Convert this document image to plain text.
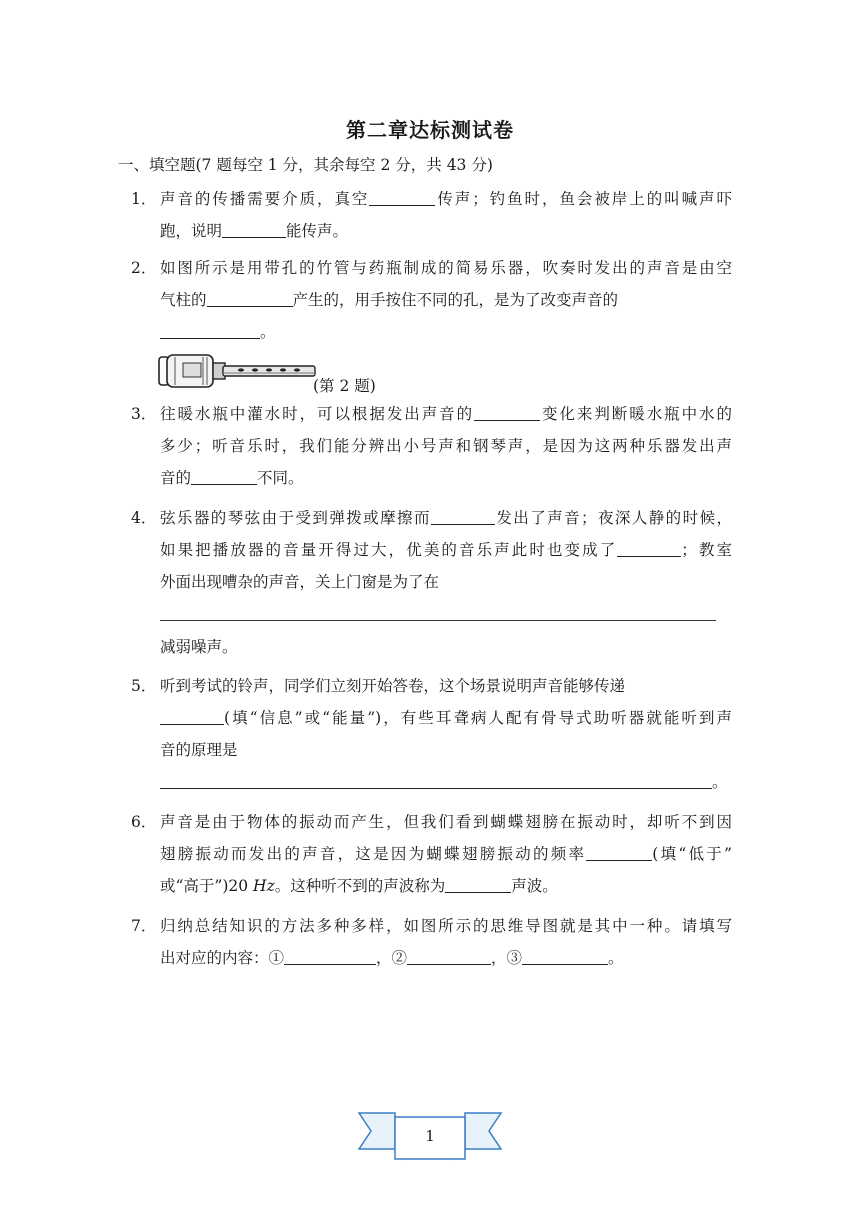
第二章达标测试卷
一、填空题(7 题每空 1 分，其余每空 2 分，共 43 分)
1． 声音的传播需要介质，真空	传声；钓鱼时，鱼会被岸上的叫喊声吓
跑，说明	能传声。
2． 如图所示是用带孔的竹管与药瓶制成的简易乐器，吹奏时发出的声音是由空
气柱的	产生的，用手按住不同的孔，是为了改变声音的
。
(第 2 题)
3． 往暖水瓶中灌水时，可以根据发出声音的	变化来判断暖水瓶中水的
多少；听音乐时，我们能分辨出小号声和钢琴声，是因为这两种乐器发出声
音的	不同。
4． 弦乐器的琴弦由于受到弹拨或摩擦而	发出了声音；夜深人静的时候，
如果把播放器的音量开得过大，优美的音乐声此时也变成了	；教室
外面出现嘈杂的声音，关上门窗是为了在
减弱噪声。
5． 听到考试的铃声，同学们立刻开始答卷，这个场景说明声音能够传递
(填“信息”或“能量”)，有些耳聋病人配有骨导式助听器就能听到声
音的原理是
。
6． 声音是由于物体的振动而产生，但我们看到蝴蝶翅膀在振动时，却听不到因
翅膀振动而发出的声音，这是因为蝴蝶翅膀振动的频率	(填“低于”
或“高于”)20 Hz。这种听不到的声波称为	声波。
7． 归纳总结知识的方法多种多样，如图所示的思维导图就是其中一种。请填写
出对应的内容：①	，②	，③	。
1
